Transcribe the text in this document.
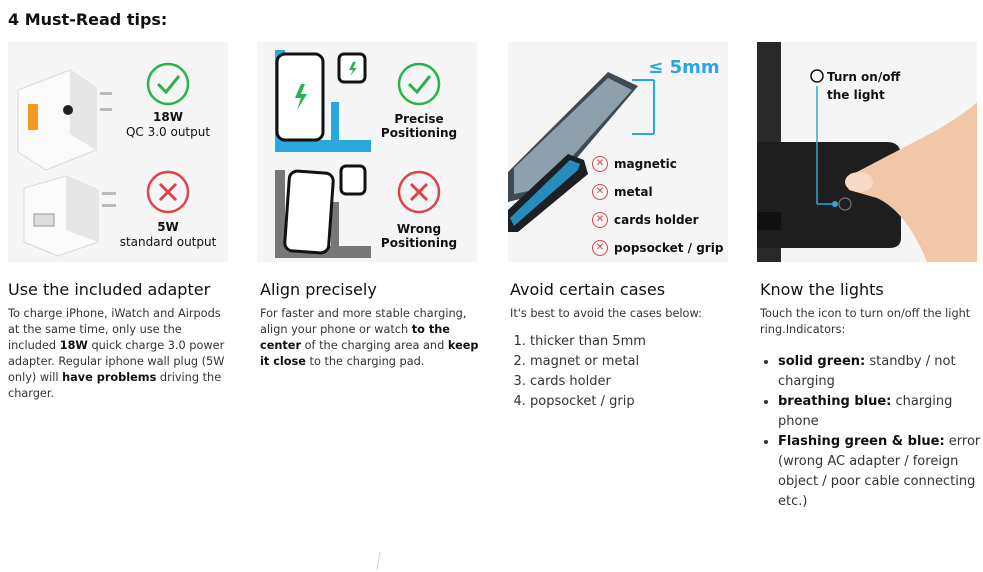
4 Must-Read tips:
18W
QC 3.0 output
5W
standard output
Use the included adapter

To charge iPhone, iWatch and Airpods at the same time, only use the included 18W quick charge 3.0 power adapter. Regular iphone wall plug (5W only) will have problems driving the charger.

Precise
Positioning
Wrong
Positioning
Align precisely

For faster and more stable charging, align your phone or watch to the center of the charging area and keep it close to the charging pad.

≤ 5mm
✕ magnetic
✕ metal
✕ cards holder
✕ popsocket / grip
Avoid certain cases

It's best to avoid the cases below:

1. thicker than 5mm
2. magnet or metal
3. cards holder
4. popsocket / grip
Turn on/off
the light
Know the lights

Touch the icon to turn on/off the light ring.Indicators:

• solid green: standby / not charging
• breathing blue: charging phone
• Flashing green & blue: error (wrong AC adapter / foreign object / poor cable connecting etc.)
